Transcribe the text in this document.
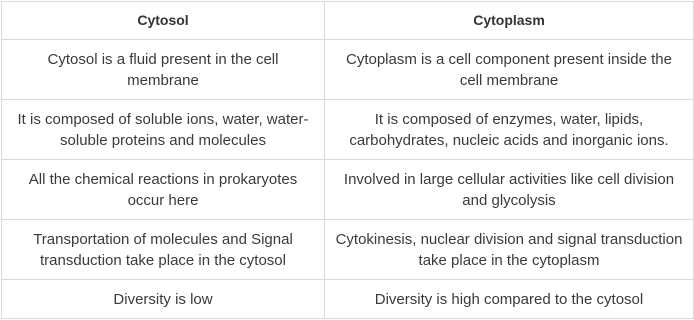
Cytosol	Cytoplasm
Cytosol is a fluid present in the cell membrane	Cytoplasm is a cell component present inside the cell membrane
It is composed of soluble ions, water, water-soluble proteins and molecules	It is composed of enzymes, water, lipids, carbohydrates, nucleic acids and inorganic ions.
All the chemical reactions in prokaryotes occur here	Involved in large cellular activities like cell division and glycolysis
Transportation of molecules and Signal transduction take place in the cytosol	Cytokinesis, nuclear division and signal transduction take place in the cytoplasm
Diversity is low	Diversity is high compared to the cytosol
